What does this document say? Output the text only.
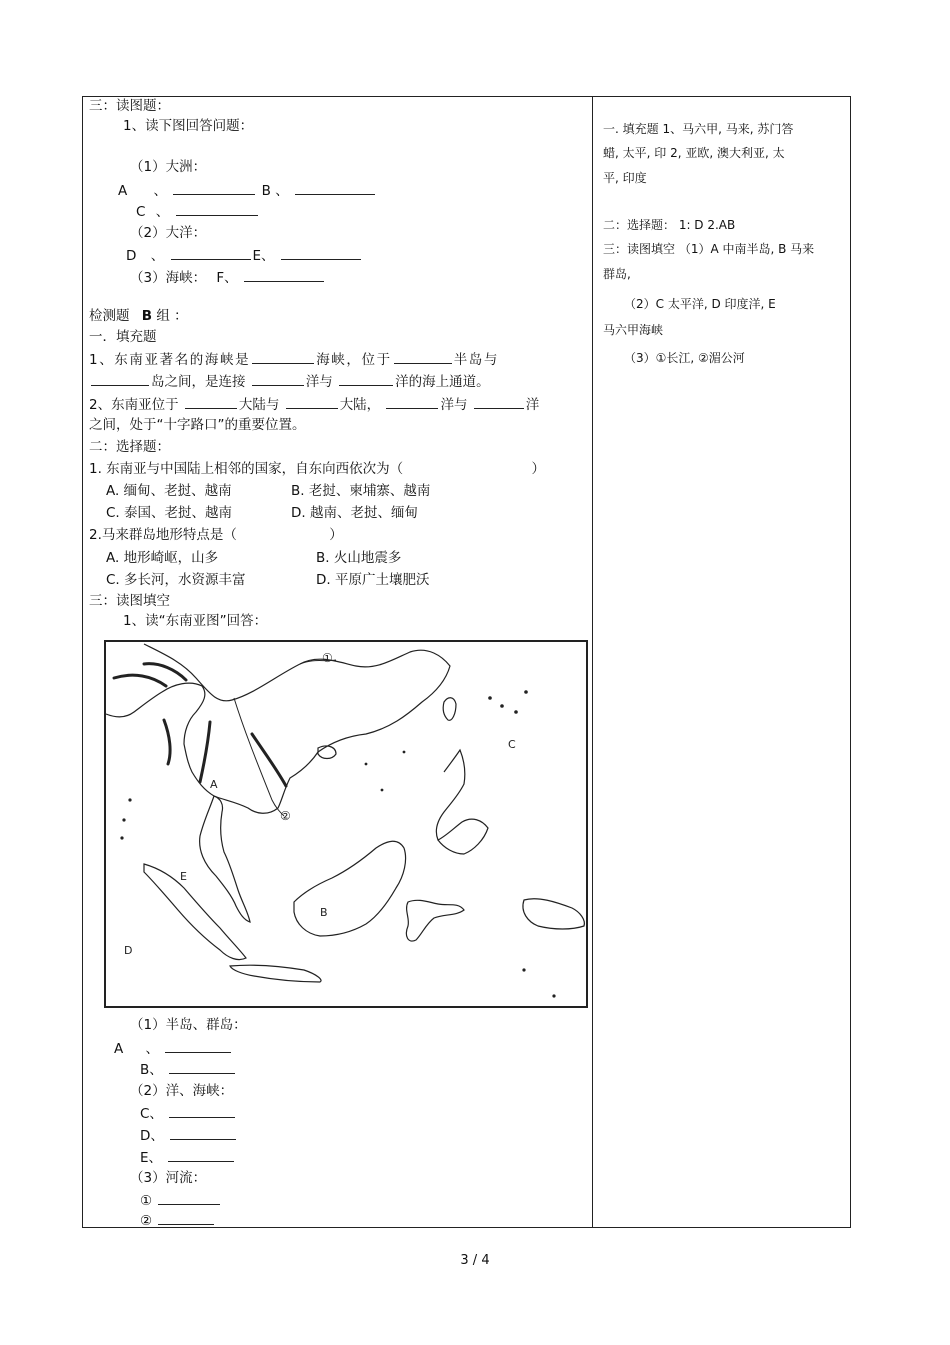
三：读图题：
1、读下图回答问题：
（1）大洲：
A 、	B 、
C 、
（2）大洋：
D 、	E、
（3）海峡： F、
检测题 B 组 ：
一．填充题
1、东南亚著名的海峡是	海峡，位于	半岛与
岛之间，是连接	洋与	洋的海上通道。
2、东南亚位于	大陆与	大陆，	洋与	洋
之间，处于“十字路口”的重要位置。
二：选择题：
1. 东南亚与中国陆上相邻的国家，自东向西依次为（	）
A. 缅甸、老挝、越南	B. 老挝、柬埔寨、越南
C. 泰国、老挝、越南	D. 越南、老挝、缅甸
2.马来群岛地形特点是（	）
A. 地形崎岖，山多	B. 火山地震多
C. 多长河，水资源丰富	D. 平原广土壤肥沃
三：读图填空
1、读“东南亚图”回答：
A
B
C
D
E
①
②
（1）半岛、群岛：
A 、
B、
（2）洋、海峡：
C、
D、
E、
（3）河流：
①
②
一. 填充题 1、马六甲, 马来, 苏门答
蜡, 太平, 印 2, 亚欧, 澳大利亚, 太
平, 印度
二：选择题： 1: D 2.AB
三：读图填空 （1）A 中南半岛, B 马来
群岛,
（2）C 太平洋, D 印度洋, E
马六甲海峡
（3）①长江, ②湄公河
3 / 4
